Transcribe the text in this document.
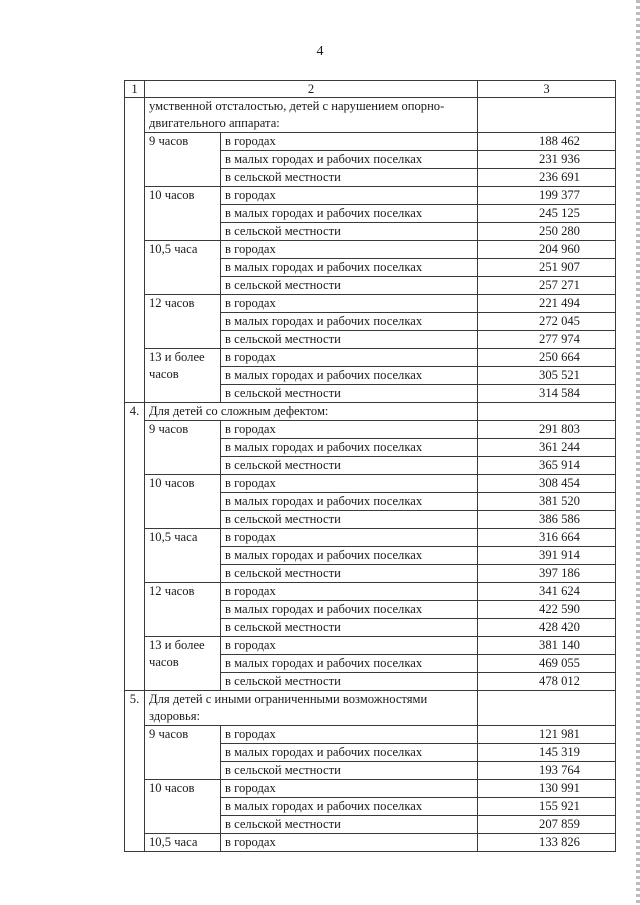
4
1	2		3
	умственной отсталостью, детей с нарушением опорно-двигательного аппарата:		
	9 часов	в городах	188 462
		в малых городах и рабочих поселках	231 936
		в сельской местности	236 691
	10 часов	в городах	199 377
		в малых городах и рабочих поселках	245 125
		в сельской местности	250 280
	10,5 часа	в городах	204 960
		в малых городах и рабочих поселках	251 907
		в сельской местности	257 271
	12 часов	в городах	221 494
		в малых городах и рабочих поселках	272 045
		в сельской местности	277 974
	13 и более часов	в городах	250 664
		в малых городах и рабочих поселках	305 521
		в сельской местности	314 584
4.	Для детей со сложным дефектом:		
	9 часов	в городах	291 803
		в малых городах и рабочих поселках	361 244
		в сельской местности	365 914
	10 часов	в городах	308 454
		в малых городах и рабочих поселках	381 520
		в сельской местности	386 586
	10,5 часа	в городах	316 664
		в малых городах и рабочих поселках	391 914
		в сельской местности	397 186
	12 часов	в городах	341 624
		в малых городах и рабочих поселках	422 590
		в сельской местности	428 420
	13 и более часов	в городах	381 140
		в малых городах и рабочих поселках	469 055
		в сельской местности	478 012
5.	Для детей с иными ограниченными возможностями здоровья:		
	9 часов	в городах	121 981
		в малых городах и рабочих поселках	145 319
		в сельской местности	193 764
	10 часов	в городах	130 991
		в малых городах и рабочих поселках	155 921
		в сельской местности	207 859
	10,5 часа	в городах	133 826
